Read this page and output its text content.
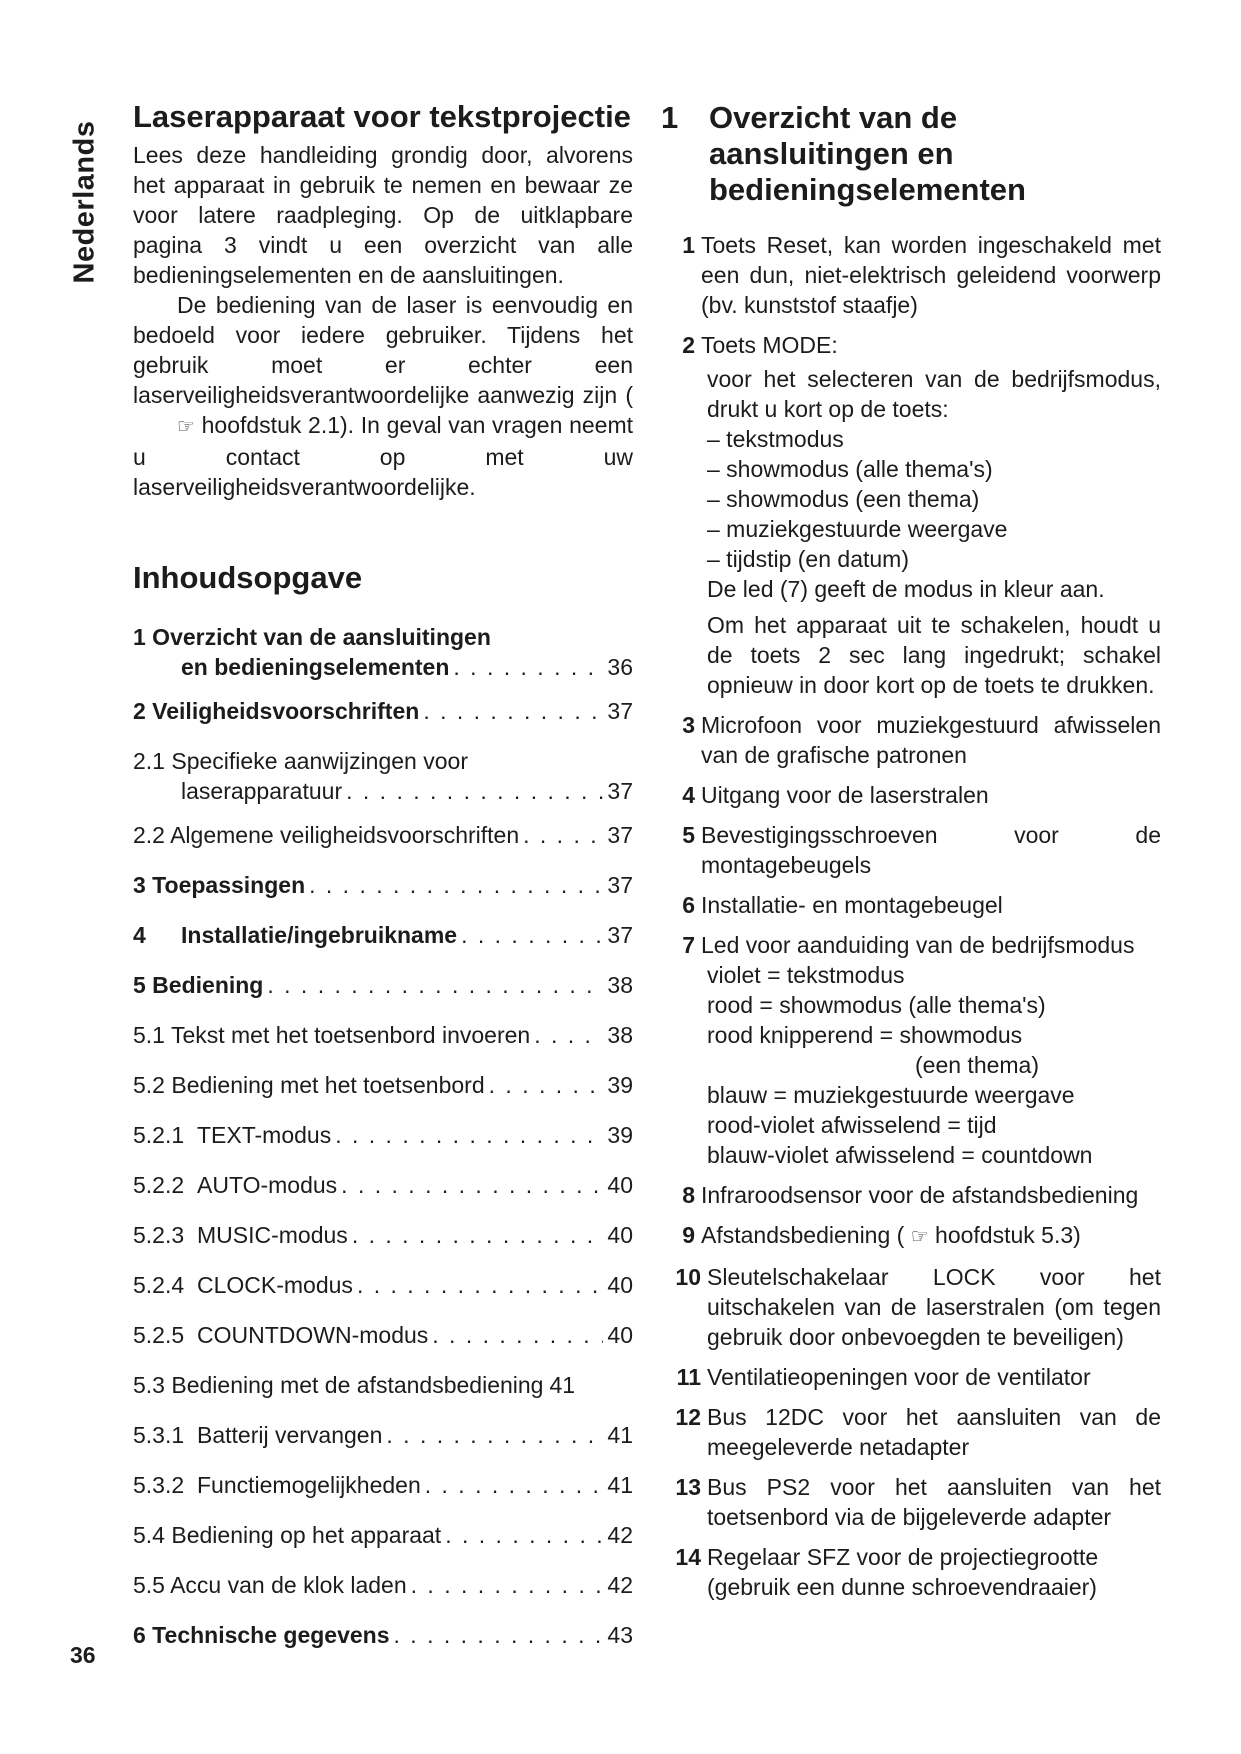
Nederlands
Laserapparaat voor tekstprojectie

Lees deze handleiding grondig door, alvorens het apparaat in gebruik te nemen en bewaar ze voor latere raadpleging. Op de uitklapbare pagina 3 vindt u een overzicht van alle bedieningselementen en de aansluitingen.

De bediening van de laser is eenvoudig en bedoeld voor iedere gebruiker. Tijdens het gebruik moet er echter een laserveiligheidsverantwoordelijke aanwezig zijn (☞ hoofdstuk 2.1). In geval van vragen neemt u contact op met uw laserveiligheidsverantwoordelijke.

Inhoudsopgave
1 Overzicht van de aansluitingen
en bedieningselementen . . .	36
2 Veiligheidsvoorschriften . . .	37
2.1 Specifieke aanwijzingen voor
laserapparatuur . . .	37
2.2 Algemene veiligheidsvoorschriften . . .	37
3 Toepassingen . . .	37
4	Installatie/ingebruikname . . .	37
5 Bediening . . .	38
5.1 Tekst met het toetsenbord invoeren . . .	38
5.2 Bediening met het toetsenbord . . .	39
5.2.1 TEXT-modus . . .	39
5.2.2 AUTO-modus . . .	40
5.2.3 MUSIC-modus . . .	40
5.2.4 CLOCK-modus . . .	40
5.2.5 COUNTDOWN-modus . . .	40
5.3 Bediening met de afstandsbediening 41
5.3.1 Batterij vervangen . . .	41
5.3.2 Functiemogelijkheden . . .	41
5.4 Bediening op het apparaat . . .	42
5.5 Accu van de klok laden . . .	42
6 Technische gegevens . . .	43
1 Overzicht van de aansluitingen en bedieningselementen
1 Toets Reset, kan worden ingeschakeld met een dun, niet-elektrisch geleidend voorwerp (bv. kunststof staafje)
2 Toets MODE:

voor het selecteren van de bedrijfsmodus, drukt u kort op de toets:

– tekstmodus

– showmodus (alle thema's)

– showmodus (een thema)

– muziekgestuurde weergave

– tijdstip (en datum)

De led (7) geeft de modus in kleur aan.

Om het apparaat uit te schakelen, houdt u de toets 2 sec lang ingedrukt; schakel opnieuw in door kort op de toets te drukken.

3 Microfoon voor muziekgestuurd afwisselen van de grafische patronen
4 Uitgang voor de laserstralen
5 Bevestigingsschroeven voor de montagebeugels
6 Installatie- en montagebeugel
7 Led voor aanduiding van de bedrijfsmodus

violet = tekstmodus

rood = showmodus (alle thema's)

rood knipperend = showmodus

(een thema)

blauw = muziekgestuurde weergave

rood-violet afwisselend = tijd

blauw-violet afwisselend = countdown

8 Infraroodsensor voor de afstandsbediening
9 Afstandsbediening ( ☞ hoofdstuk 5.3)
10 Sleutelschakelaar LOCK voor het uitschakelen van de laserstralen (om tegen gebruik door onbevoegden te beveiligen)
11 Ventilatieopeningen voor de ventilator
12 Bus 12DC voor het aansluiten van de meegeleverde netadapter
13 Bus PS2 voor het aansluiten van het toetsenbord via de bijgeleverde adapter
14 Regelaar SFZ voor de projectiegrootte
(gebruik een dunne schroevendraaier)
36
